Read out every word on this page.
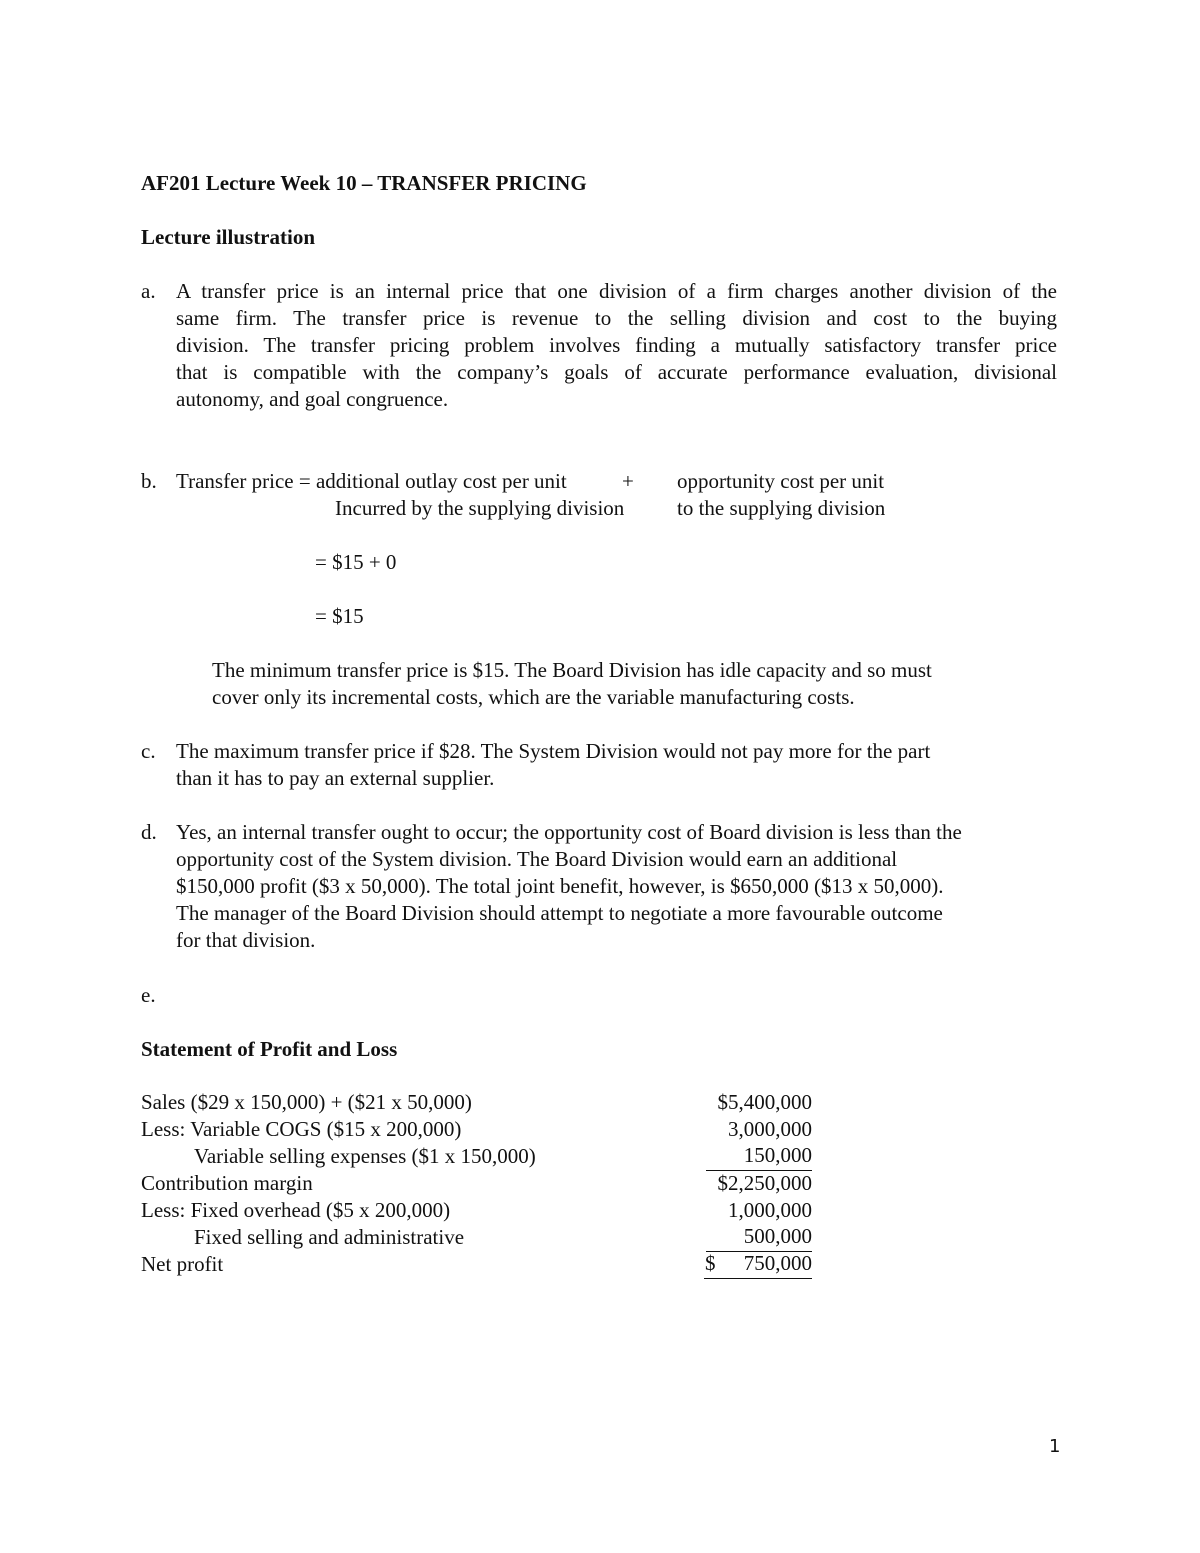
AF201 Lecture Week 10 – TRANSFER PRICING
Lecture illustration
a. A transfer price is an internal price that one division of a firm charges another division of the
same firm. The transfer price is revenue to the selling division and cost to the buying
division. The transfer pricing problem involves finding a mutually satisfactory transfer price
that is compatible with the company’s goals of accurate performance evaluation, divisional
autonomy, and goal congruence.
b. Transfer price = additional outlay cost per unit	+ opportunity cost per unit
Incurred by the supplying division	to the supplying division
= $15 + 0
= $15
The minimum transfer price is $15. The Board Division has idle capacity and so must
cover only its incremental costs, which are the variable manufacturing costs.
c. The maximum transfer price if $28. The System Division would not pay more for the part
than it has to pay an external supplier.
d. Yes, an internal transfer ought to occur; the opportunity cost of Board division is less than the
opportunity cost of the System division. The Board Division would earn an additional
$150,000 profit ($3 x 50,000). The total joint benefit, however, is $650,000 ($13 x 50,000).
The manager of the Board Division should attempt to negotiate a more favourable outcome
for that division.
e.
Statement of Profit and Loss
Sales ($29 x 150,000) + ($21 x 50,000)	$5,400,000
Less: Variable COGS ($15 x 200,000)	3,000,000
Variable selling expenses ($1 x 150,000)	150,000
Contribution margin	$2,250,000
Less: Fixed overhead ($5 x 200,000)	1,000,000
Fixed selling and administrative	500,000
Net profit	$ 750,000
1
